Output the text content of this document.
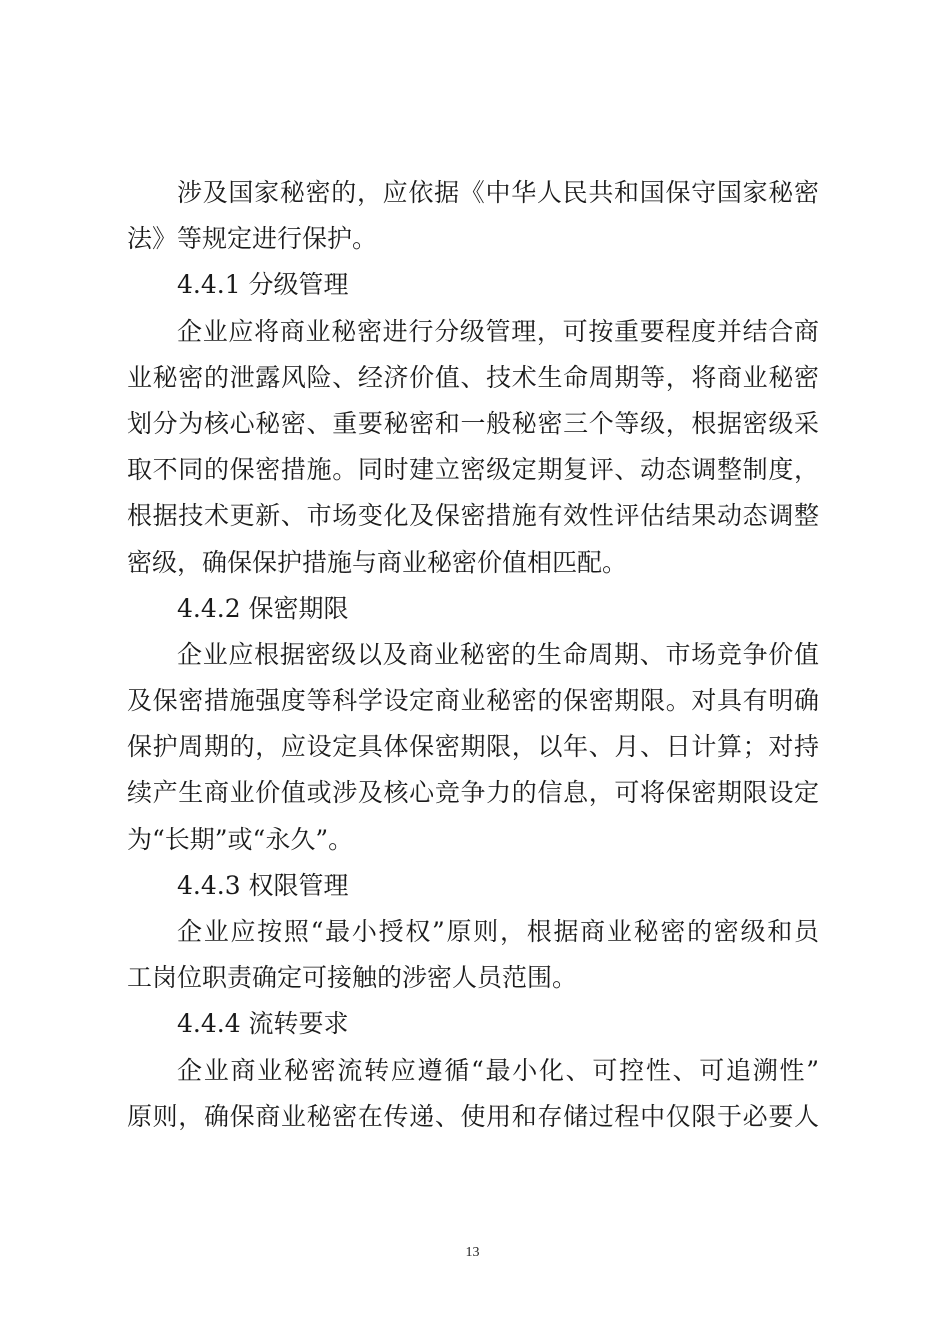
涉及国家秘密的，应依据《中华人民共和国保守国家秘密
法》等规定进行保护。
4.4.1 分级管理
企业应将商业秘密进行分级管理，可按重要程度并结合商
业秘密的泄露风险、经济价值、技术生命周期等，将商业秘密
划分为核心秘密、重要秘密和一般秘密三个等级，根据密级采
取不同的保密措施。同时建立密级定期复评、动态调整制度，
根据技术更新、市场变化及保密措施有效性评估结果动态调整
密级，确保保护措施与商业秘密价值相匹配。
4.4.2 保密期限
企业应根据密级以及商业秘密的生命周期、市场竞争价值
及保密措施强度等科学设定商业秘密的保密期限。对具有明确
保护周期的，应设定具体保密期限，以年、月、日计算；对持
续产生商业价值或涉及核心竞争力的信息，可将保密期限设定
为“长期”或“永久”。
4.4.3 权限管理
企业应按照“最小授权”原则，根据商业秘密的密级和员
工岗位职责确定可接触的涉密人员范围。
4.4.4 流转要求
企业商业秘密流转应遵循“最小化、可控性、可追溯性”
原则，确保商业秘密在传递、使用和存储过程中仅限于必要人
13
